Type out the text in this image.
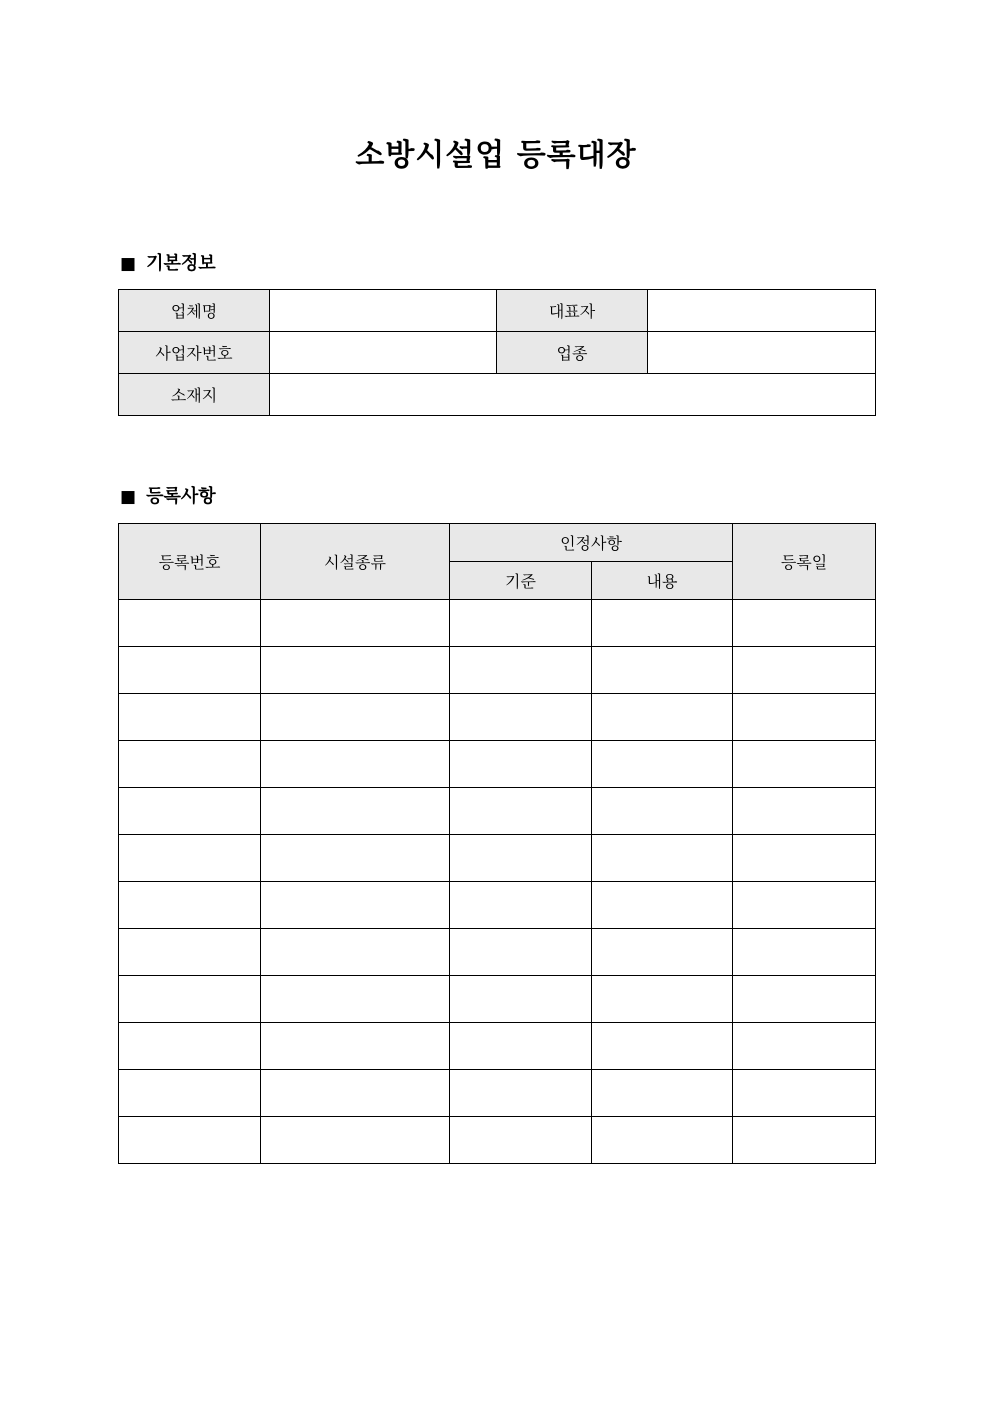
소방시설업 등록대장
■ 기본정보
업체명		대표자	
사업자번호		업종	
소재지			
■ 등록사항
등록번호	시설종류	인정사항		등록일
		기준	내용	
